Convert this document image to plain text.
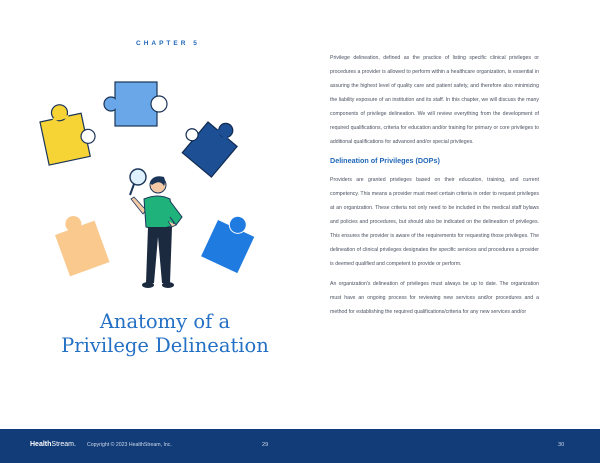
CHAPTER 5
Anatomy of a
Privilege Delineation

Privilege delineation, defined as the practice of listing specific clinical privileges or procedures a provider is allowed to perform within a healthcare organization, is essential in assuring the highest level of quality care and patient safety, and therefore also minimizing the liability exposure of an institution and its staff. In this chapter, we will discuss the many components of privilege delineation. We will review everything from the development of required qualifications, criteria for education and/or training for primary or core privileges to additional qualifications for advanced and/or special privileges.

Delineation of Privileges (DOPs)

Providers are granted privileges based on their education, training, and current competency. This means a provider must meet certain criteria in order to request privileges at an organization. These criteria not only need to be included in the medical staff bylaws and policies and procedures, but should also be indicated on the delineation of privileges. This ensures the provider is aware of the requirements for requesting those privileges. The delineation of clinical privileges designates the specific services and procedures a provider is deemed qualified and competent to provide or perform.

An organization's delineation of privileges must always be up to date. The organization must have an ongoing process for reviewing new services and/or procedures and a method for establishing the required qualifications/criteria for any new services and/or

HealthStream. Copyright © 2023 HealthStream, Inc.	29	30
